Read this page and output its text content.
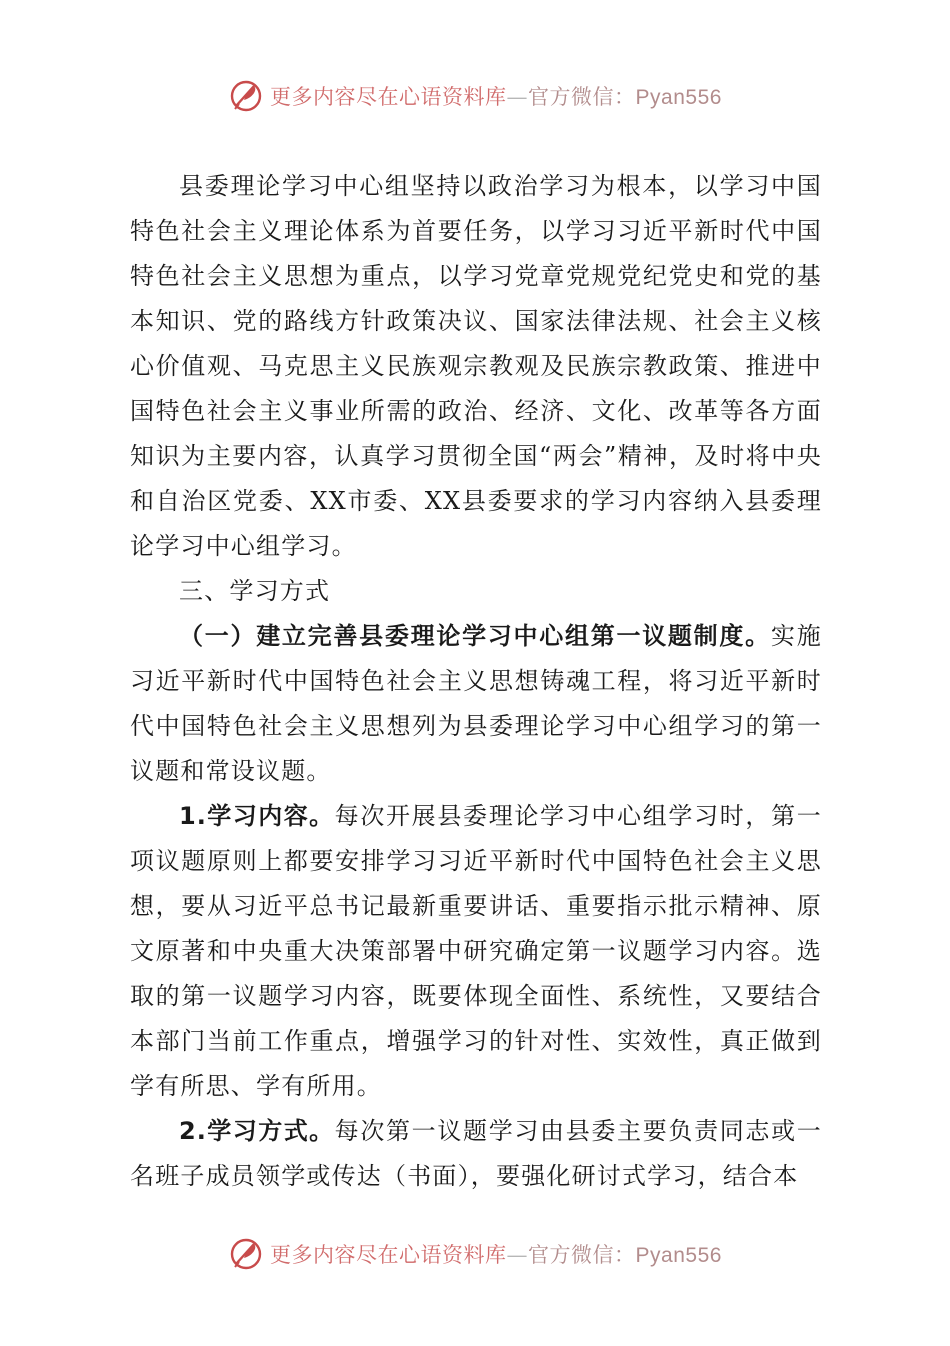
更多内容尽在心语资料库—官方微信：Pyan556

县委理论学习中心组坚持以政治学习为根本，以学习中国特色社会主义理论体系为首要任务，以学习习近平新时代中国特色社会主义思想为重点，以学习党章党规党纪党史和党的基本知识、党的路线方针政策决议、国家法律法规、社会主义核心价值观、马克思主义民族观宗教观及民族宗教政策、推进中国特色社会主义事业所需的政治、经济、文化、改革等各方面知识为主要内容，认真学习贯彻全国“两会”精神，及时将中央和自治区党委、XX市委、XX县委要求的学习内容纳入县委理论学习中心组学习。

三、学习方式

（一）建立完善县委理论学习中心组第一议题制度。实施习近平新时代中国特色社会主义思想铸魂工程，将习近平新时代中国特色社会主义思想列为县委理论学习中心组学习的第一议题和常设议题。

1.学习内容。每次开展县委理论学习中心组学习时，第一项议题原则上都要安排学习习近平新时代中国特色社会主义思想，要从习近平总书记最新重要讲话、重要指示批示精神、原文原著和中央重大决策部署中研究确定第一议题学习内容。选取的第一议题学习内容，既要体现全面性、系统性，又要结合本部门当前工作重点，增强学习的针对性、实效性，真正做到学有所思、学有所用。

2.学习方式。每次第一议题学习由县委主要负责同志或一名班子成员领学或传达（书面），要强化研讨式学习，结合本

更多内容尽在心语资料库—官方微信：Pyan556
